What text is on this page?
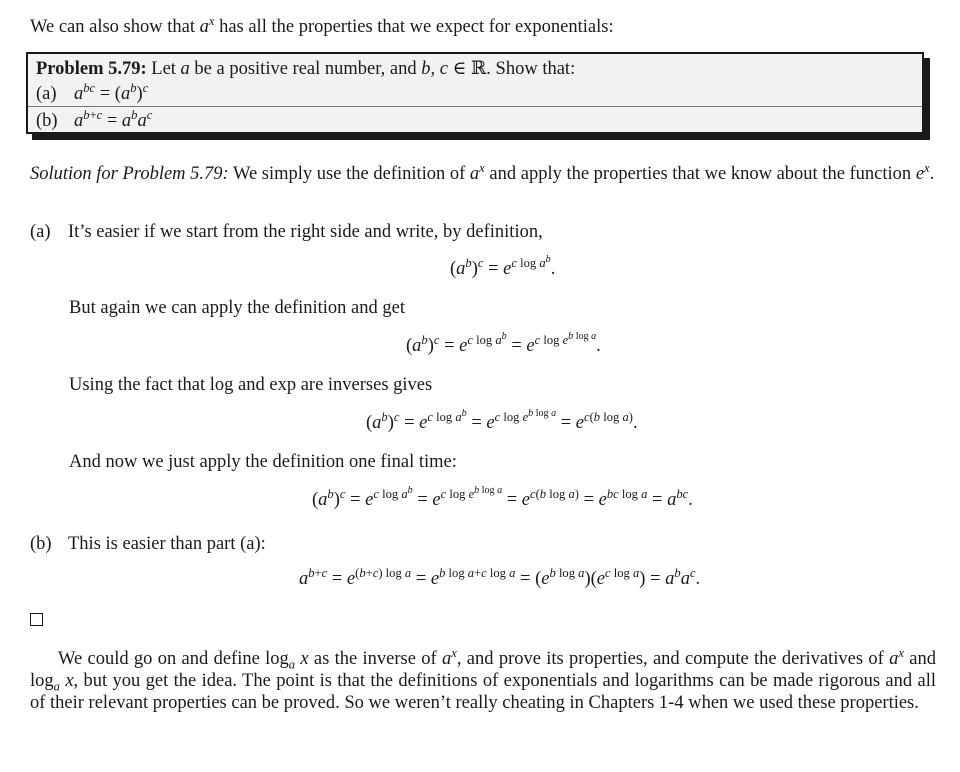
We can also show that $a^x$ has all the properties that we expect for exponentials:
Problem 5.79: Let a be a positive real number, and b, c ∈ ℝ. Show that:
(a) $a^{bc} = (a^b)^c$
(b) $a^{b+c} = a^ba^c$
Solution for Problem 5.79: We simply use the definition of $a^x$ and apply the properties that we know about the function $e^x$.
(a) It’s easier if we start from the right side and write, by definition,
$(a^b)^c = e^{c log a^b}$.
But again we can apply the definition and get
$(a^b)^c = e^{c log a^b} = e^{c log e^{b log a}}$.
Using the fact that log and exp are inverses gives
$(a^b)^c = e^{c log a^b} = e^{c log e^{b log a}} = e^{c(b log a)}$.
And now we just apply the definition one final time:
$(a^b)^c = e^{c log a^b} = e^{c log e^{b log a}} = e^{c(b log a)} = e^{bc log a} = a^{bc}$.
(b) This is easier than part (a):
$a^{b+c} = e^{(b+c) log a} = e^{b log a+c log a} = (e^{b log a})(e^{c log a}) = a^ba^c$.
We could go on and define $\log_a x$ as the inverse of $a^x$, and prove its properties, and compute the derivatives of $a^x$ and $\log_a x$, but you get the idea. The point is that the definitions of exponentials and logarithms can be made rigorous and all of their relevant properties can be proved. So we weren’t really cheating in Chapters 1-4 when we used these properties.
